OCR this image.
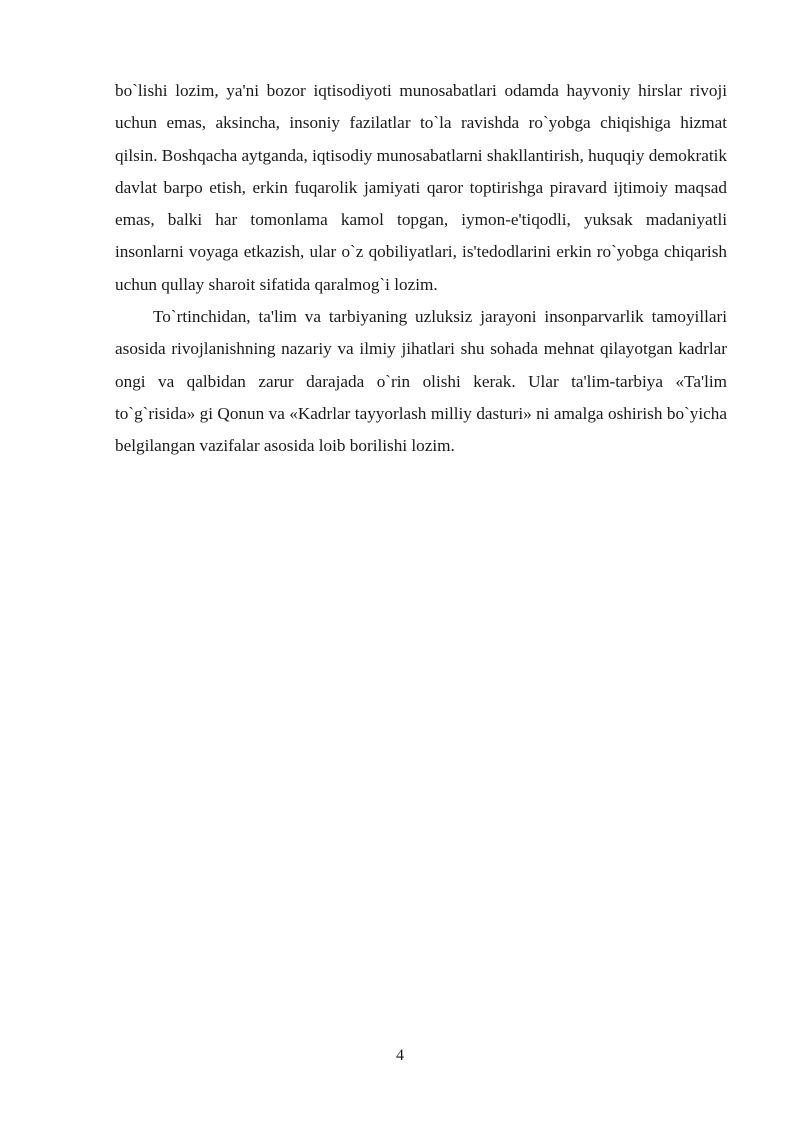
bo`lishi lozim, ya'ni bozor iqtisodiyoti munosabatlari odamda hayvoniy hirslar rivoji uchun emas, aksincha, insoniy fazilatlar to`la ravishda ro`yobga chiqishiga hizmat qilsin. Boshqacha aytganda, iqtisodiy munosabatlarni shakllantirish, huquqiy demokratik davlat barpo etish, erkin fuqarolik jamiyati qaror toptirishga piravard ijtimoiy maqsad emas, balki har tomonlama kamol topgan, iymon-e'tiqodli, yuksak madaniyatli insonlarni voyaga etkazish, ular o`z qobiliyatlari, is'tedodlarini erkin ro`yobga chiqarish uchun qullay sharoit sifatida qaralmog`i lozim.

To`rtinchidan, ta'lim va tarbiyaning uzluksiz jarayoni insonparvarlik tamoyillari asosida rivojlanishning nazariy va ilmiy jihatlari shu sohada mehnat qilayotgan kadrlar ongi va qalbidan zarur darajada o`rin olishi kerak. Ular ta'lim-tarbiya «Ta'lim to`g`risida» gi Qonun va «Kadrlar tayyorlash milliy dasturi» ni amalga oshirish bo`yicha belgilangan vazifalar asosida loib borilishi lozim.

4
